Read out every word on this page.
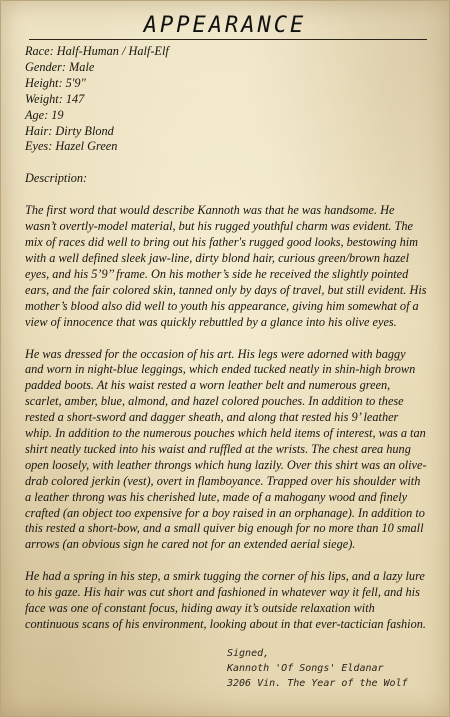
APPEARANCE
Race: Half-Human / Half-Elf
Gender: Male
Height: 5'9"
Weight: 147
Age: 19
Hair: Dirty Blond
Eyes: Hazel Green
Description:

The first word that would describe Kannoth was that he was handsome. He wasn’t overtly-model material, but his rugged youthful charm was evident. The mix of races did well to bring out his father's rugged good looks, bestowing him with a well defined sleek jaw-line, dirty blond hair, curious green/brown hazel eyes, and his 5’9’’ frame. On his mother’s side he received the slightly pointed ears, and the fair colored skin, tanned only by days of travel, but still evident. His mother’s blood also did well to youth his appearance, giving him somewhat of a view of innocence that was quickly rebuttled by a glance into his olive eyes.

He was dressed for the occasion of his art. His legs were adorned with baggy and worn in night-blue leggings, which ended tucked neatly in shin-high brown padded boots. At his waist rested a worn leather belt and numerous green, scarlet, amber, blue, almond, and hazel colored pouches. In addition to these rested a short-sword and dagger sheath, and along that rested his 9’ leather whip. In addition to the numerous pouches which held items of interest, was a tan shirt neatly tucked into his waist and ruffled at the wrists. The chest area hung open loosely, with leather throngs which hung lazily. Over this shirt was an olive-drab colored jerkin (vest), overt in flamboyance. Trapped over his shoulder with a leather throng was his cherished lute, made of a mahogany wood and finely crafted (an object too expensive for a boy raised in an orphanage). In addition to this rested a short-bow, and a small quiver big enough for no more than 10 small arrows (an obvious sign he cared not for an extended aerial siege).

He had a spring in his step, a smirk tugging the corner of his lips, and a lazy lure to his gaze. His hair was cut short and fashioned in whatever way it fell, and his face was one of constant focus, hiding away it’s outside relaxation with continuous scans of his environment, looking about in that ever-tactician fashion.

Signed,
Kannoth 'Of Songs' Eldanar
3206 Vin. The Year of the Wolf
